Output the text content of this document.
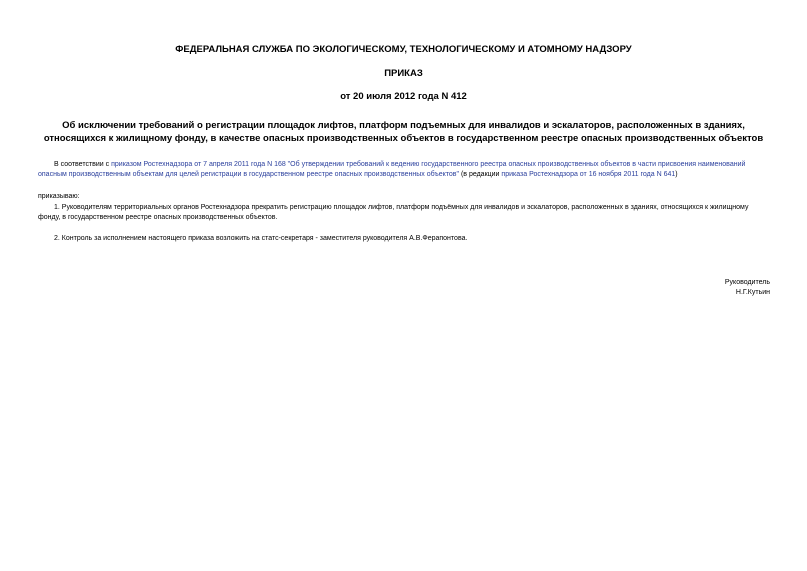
ФЕДЕРАЛЬНАЯ СЛУЖБА ПО ЭКОЛОГИЧЕСКОМУ, ТЕХНОЛОГИЧЕСКОМУ И АТОМНОМУ НАДЗОРУ
ПРИКАЗ
от 20 июля 2012 года N 412
Об исключении требований о регистрации площадок лифтов, платформ подъемных для инвалидов и эскалаторов, расположенных в зданиях, относящихся к жилищному фонду, в качестве опасных производственных объектов в государственном реестре опасных производственных объектов
В соответствии с приказом Ростехнадзора от 7 апреля 2011 года N 168 "Об утверждении требований к ведению государственного реестра опасных производственных объектов в части присвоения наименований опасным производственным объектам для целей регистрации в государственном реестре опасных производственных объектов" (в редакции приказа Ростехнадзора от 16 ноября 2011 года N 641)
приказываю:
1. Руководителям территориальных органов Ростехнадзора прекратить регистрацию площадок лифтов, платформ подъёмных для инвалидов и эскалаторов, расположенных в зданиях, относящихся к жилищному фонду, в государственном реестре опасных производственных объектов.
2. Контроль за исполнением настоящего приказа возложить на статс-секретаря - заместителя руководителя А.В.Ферапонтова.
Руководитель
Н.Г.Кутьин
